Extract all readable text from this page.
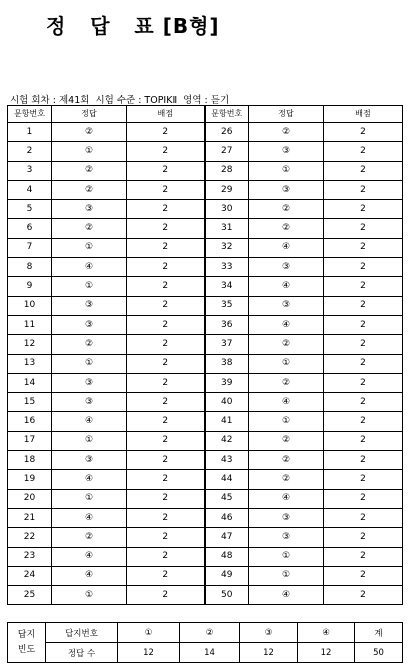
정   답   표 [B형]
시험 회차 : 제41회  시험 수준 : TOPIKⅡ  영역 : 듣기
문항번호	정답	배점	문항번호	정답	배점
1	②	2	26	②	2
2	①	2	27	③	2
3	②	2	28	①	2
4	②	2	29	③	2
5	③	2	30	②	2
6	②	2	31	②	2
7	①	2	32	④	2
8	④	2	33	③	2
9	①	2	34	④	2
10	③	2	35	③	2
11	③	2	36	④	2
12	②	2	37	②	2
13	①	2	38	①	2
14	③	2	39	②	2
15	③	2	40	④	2
16	④	2	41	①	2
17	①	2	42	②	2
18	③	2	43	②	2
19	④	2	44	②	2
20	①	2	45	④	2
21	④	2	46	③	2
22	②	2	47	③	2
23	④	2	48	①	2
24	④	2	49	①	2
25	①	2	50	④	2
답지
빈도	답지번호	①	②	③	④	계
	정답 수	12	14	12	12	50
